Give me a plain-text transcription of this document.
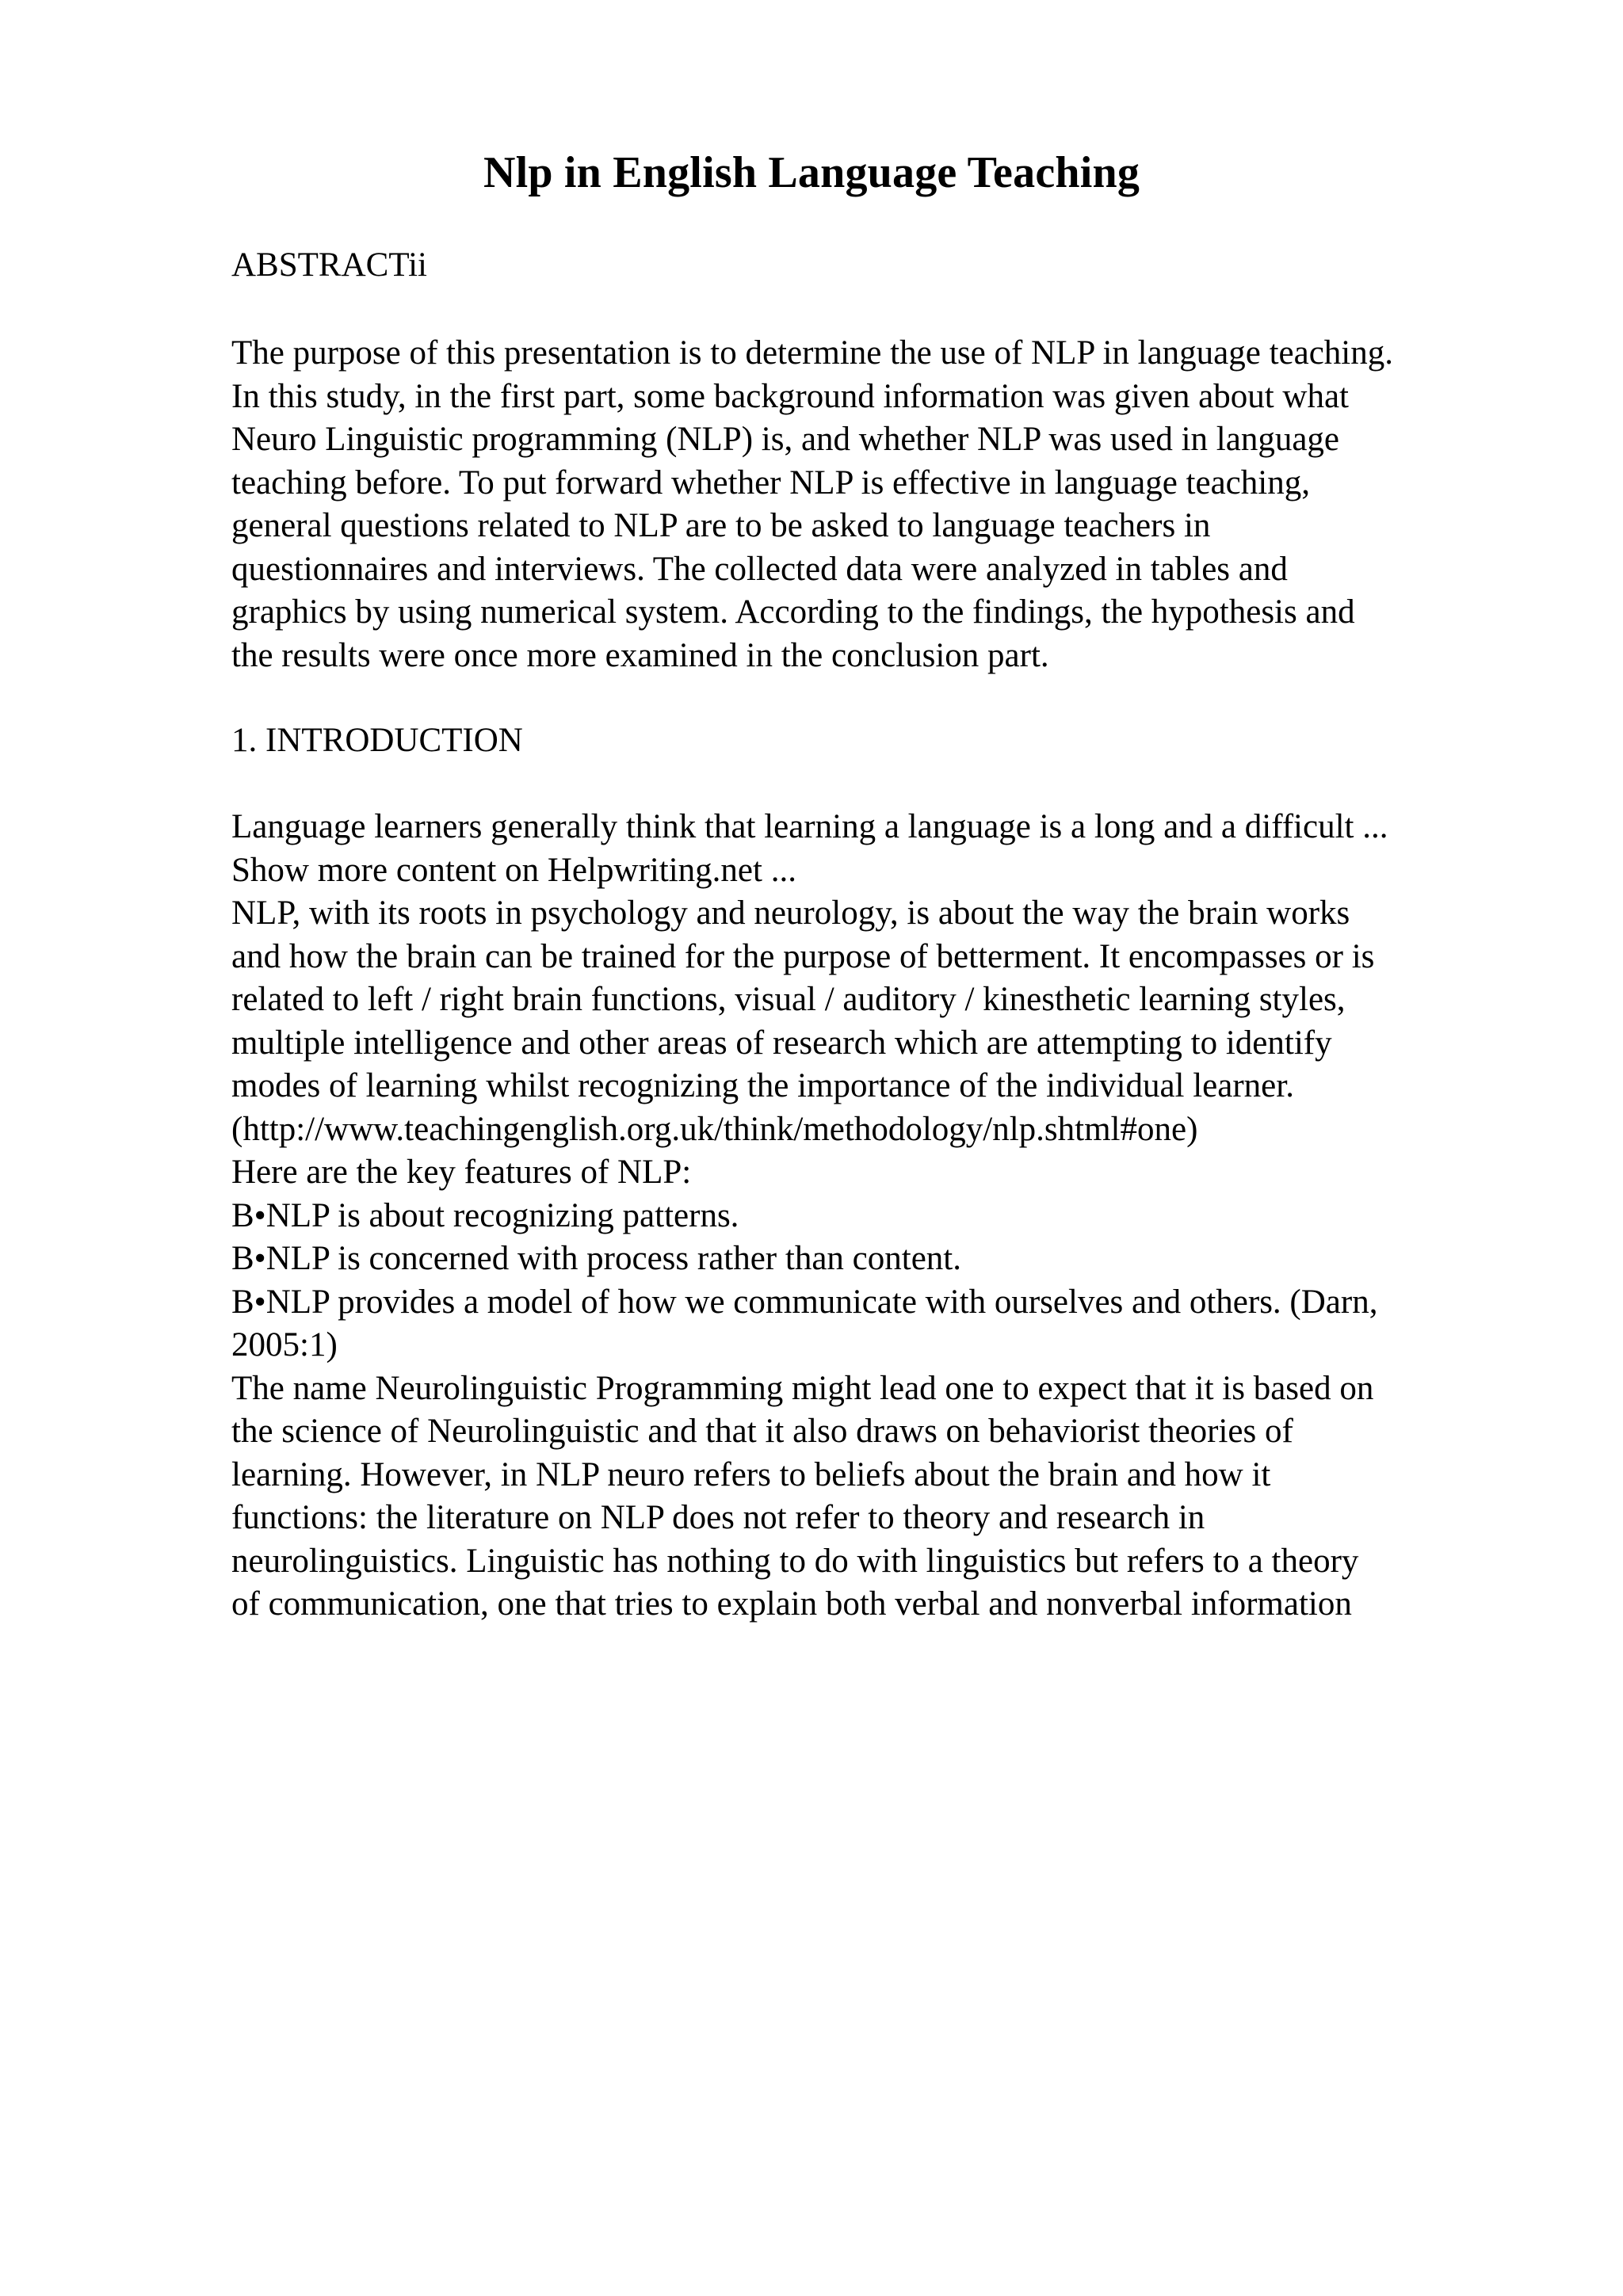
Nlp in English Language Teaching
ABSTRACTii
The purpose of this presentation is to determine the use of NLP in language teaching.
In this study, in the first part, some background information was given about what
Neuro Linguistic programming (NLP) is, and whether NLP was used in language
teaching before. To put forward whether NLP is effective in language teaching,
general questions related to NLP are to be asked to language teachers in
questionnaires and interviews. The collected data were analyzed in tables and
graphics by using numerical system. According to the findings, the hypothesis and
the results were once more examined in the conclusion part.
1. INTRODUCTION
Language learners generally think that learning a language is a long and a difficult ...
Show more content on Helpwriting.net ...
NLP, with its roots in psychology and neurology, is about the way the brain works
and how the brain can be trained for the purpose of betterment. It encompasses or is
related to left / right brain functions, visual / auditory / kinesthetic learning styles,
multiple intelligence and other areas of research which are attempting to identify
modes of learning whilst recognizing the importance of the individual learner.
(http://www.teachingenglish.org.uk/think/methodology/nlp.shtml#one)
Here are the key features of NLP:
B•NLP is about recognizing patterns.
B•NLP is concerned with process rather than content.
B•NLP provides a model of how we communicate with ourselves and others. (Darn,
2005:1)
The name Neurolinguistic Programming might lead one to expect that it is based on
the science of Neurolinguistic and that it also draws on behaviorist theories of
learning. However, in NLP neuro refers to beliefs about the brain and how it
functions: the literature on NLP does not refer to theory and research in
neurolinguistics. Linguistic has nothing to do with linguistics but refers to a theory
of communication, one that tries to explain both verbal and nonverbal information
